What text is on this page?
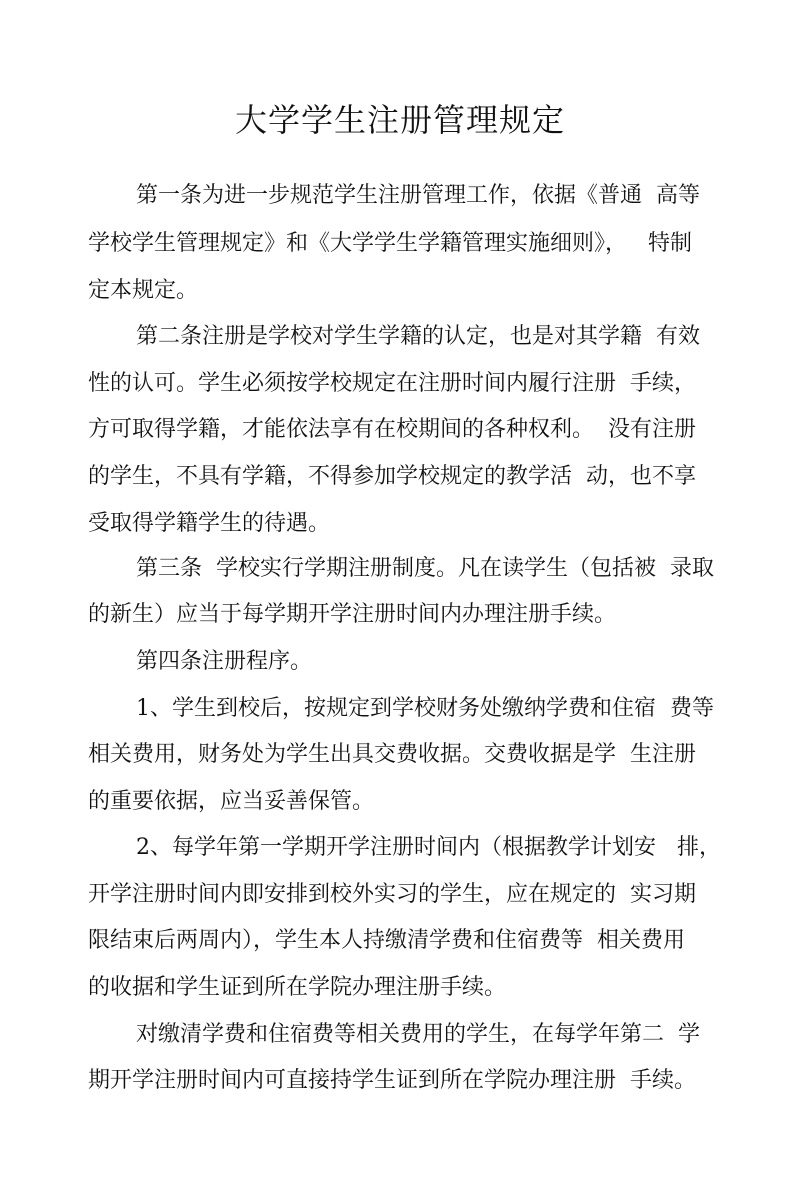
大学学生注册管理规定

第一条为进一步规范学生注册管理工作，依据《普通  高等

学校学生管理规定》和《大学学生学籍管理实施细则》，   特制

定本规定。

第二条注册是学校对学生学籍的认定，也是对其学籍  有效

性的认可。学生必须按学校规定在注册时间内履行注册  手续，

方可取得学籍，才能依法享有在校期间的各种权利。  没有注册

的学生，不具有学籍，不得参加学校规定的教学活  动，也不享

受取得学籍学生的待遇。

第三条  学校实行学期注册制度。凡在读学生（包括被  录取

的新生）应当于每学期开学注册时间内办理注册手续。

第四条注册程序。

1、学生到校后，按规定到学校财务处缴纳学费和住宿  费等

相关费用，财务处为学生出具交费收据。交费收据是学  生注册

的重要依据，应当妥善保管。

2、每学年第一学期开学注册时间内（根据教学计划安   排，

开学注册时间内即安排到校外实习的学生，应在规定的  实习期

限结束后两周内），学生本人持缴清学费和住宿费等  相关费用

的收据和学生证到所在学院办理注册手续。

对缴清学费和住宿费等相关费用的学生，在每学年第二  学

期开学注册时间内可直接持学生证到所在学院办理注册  手续。
